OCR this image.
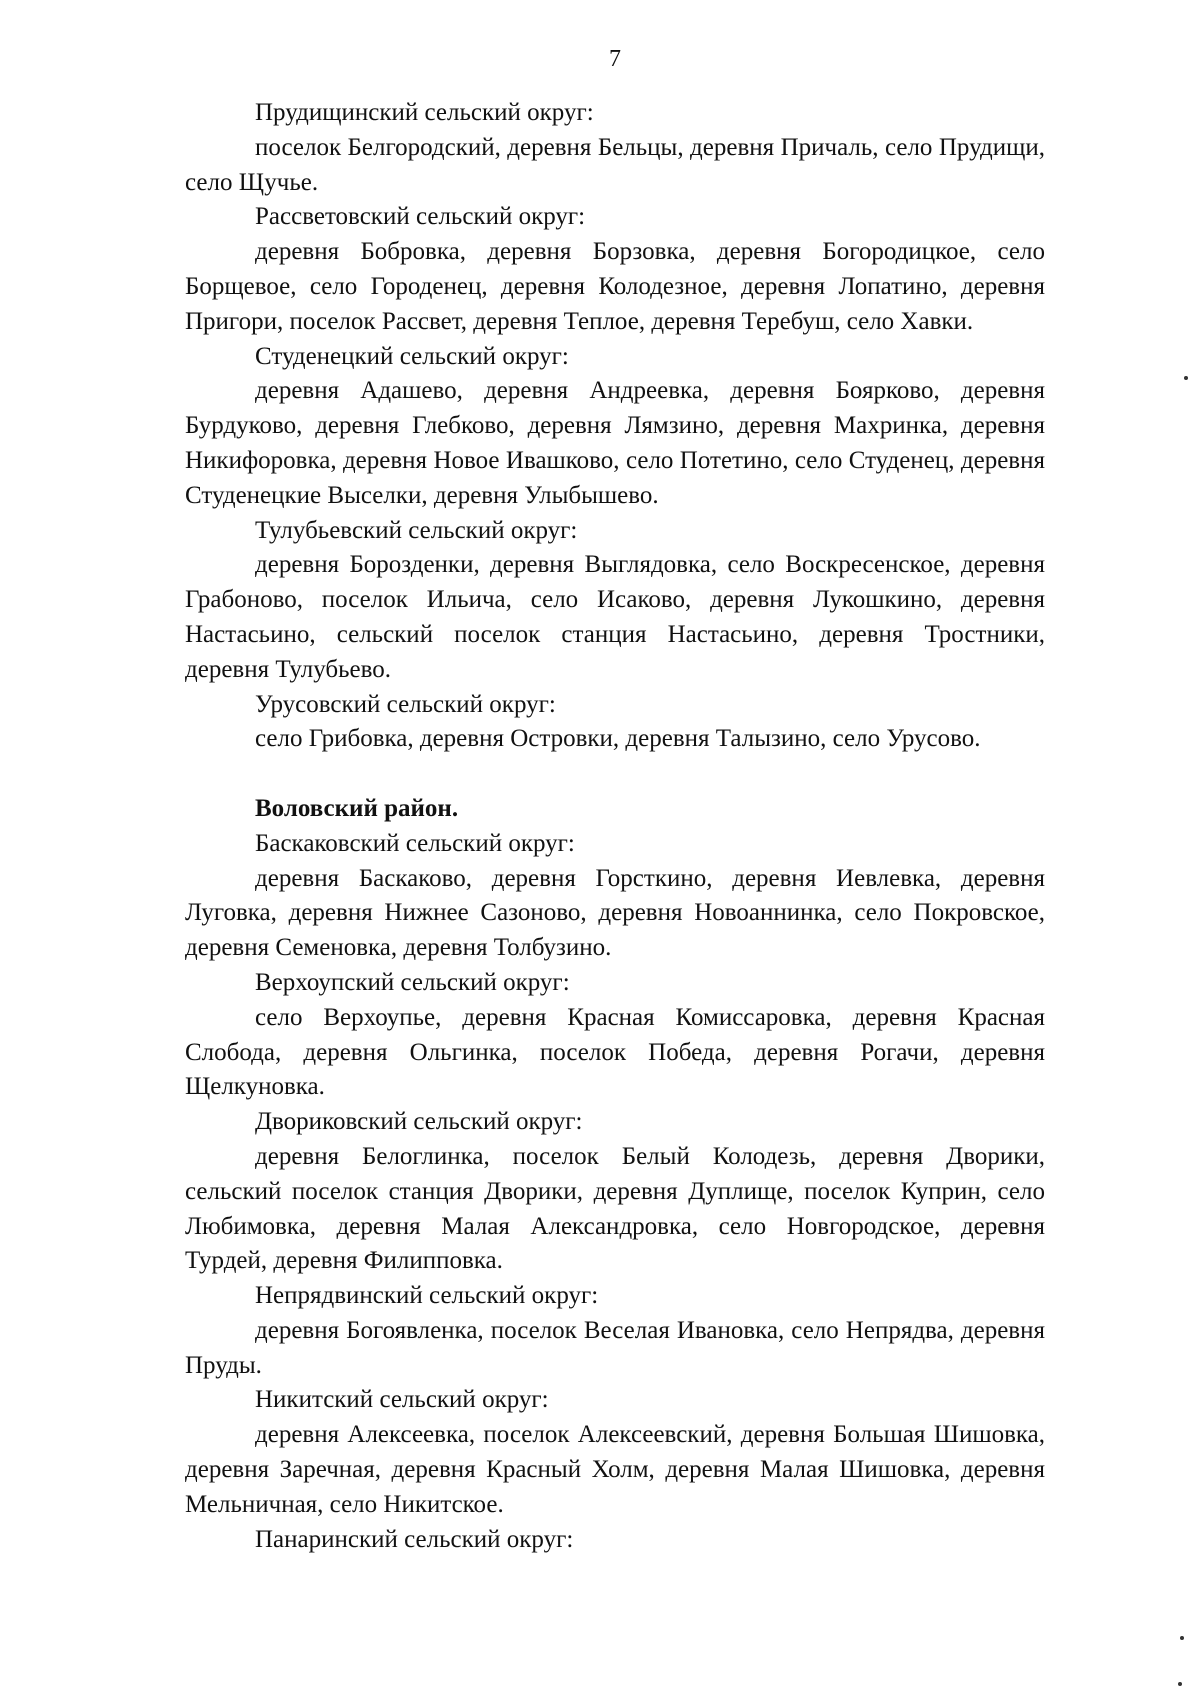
7

Прудищинский сельский округ:

поселок Белгородский, деревня Бельцы, деревня Причаль, село Прудищи, село Щучье.

Рассветовский сельский округ:

деревня Бобровка, деревня Борзовка, деревня Богородицкое, село Борщевое, село Городенец, деревня Колодезное, деревня Лопатино, деревня Пригори, поселок Рассвет, деревня Теплое, деревня Теребуш, село Хавки.

Студенецкий сельский округ:

деревня Адашево, деревня Андреевка, деревня Боярково, деревня Бурдуково, деревня Глебково, деревня Лямзино, деревня Махринка, деревня Никифоровка, деревня Новое Ивашково, село Потетино, село Студенец, деревня Студенецкие Выселки, деревня Улыбышево.

Тулубьевский сельский округ:

деревня Борозденки, деревня Выглядовка, село Воскресенское, деревня Грабоново, поселок Ильича, село Исаково, деревня Лукошкино, деревня Настасьино, сельский поселок станция Настасьино, деревня Тростники, деревня Тулубьево.

Урусовский сельский округ:

село Грибовка, деревня Островки, деревня Талызино, село Урусово.

Воловский район.

Баскаковский сельский округ:

деревня Баскаково, деревня Горсткино, деревня Иевлевка, деревня Луговка, деревня Нижнее Сазоново, деревня Новоаннинка, село Покровское, деревня Семеновка, деревня Толбузино.

Верхоупский сельский округ:

село Верхоупье, деревня Красная Комиссаровка, деревня Красная Слобода, деревня Ольгинка, поселок Победа, деревня Рогачи, деревня Щелкуновка.

Двориковский сельский округ:

деревня Белоглинка, поселок Белый Колодезь, деревня Дворики, сельский поселок станция Дворики, деревня Дуплище, поселок Куприн, село Любимовка, деревня Малая Александровка, село Новгородское, деревня Турдей, деревня Филипповка.

Непрядвинский сельский округ:

деревня Богоявленка, поселок Веселая Ивановка, село Непрядва, деревня Пруды.

Никитский сельский округ:

деревня Алексеевка, поселок Алексеевский, деревня Большая Шишовка, деревня Заречная, деревня Красный Холм, деревня Малая Шишовка, деревня Мельничная, село Никитское.

Панаринский сельский округ:
